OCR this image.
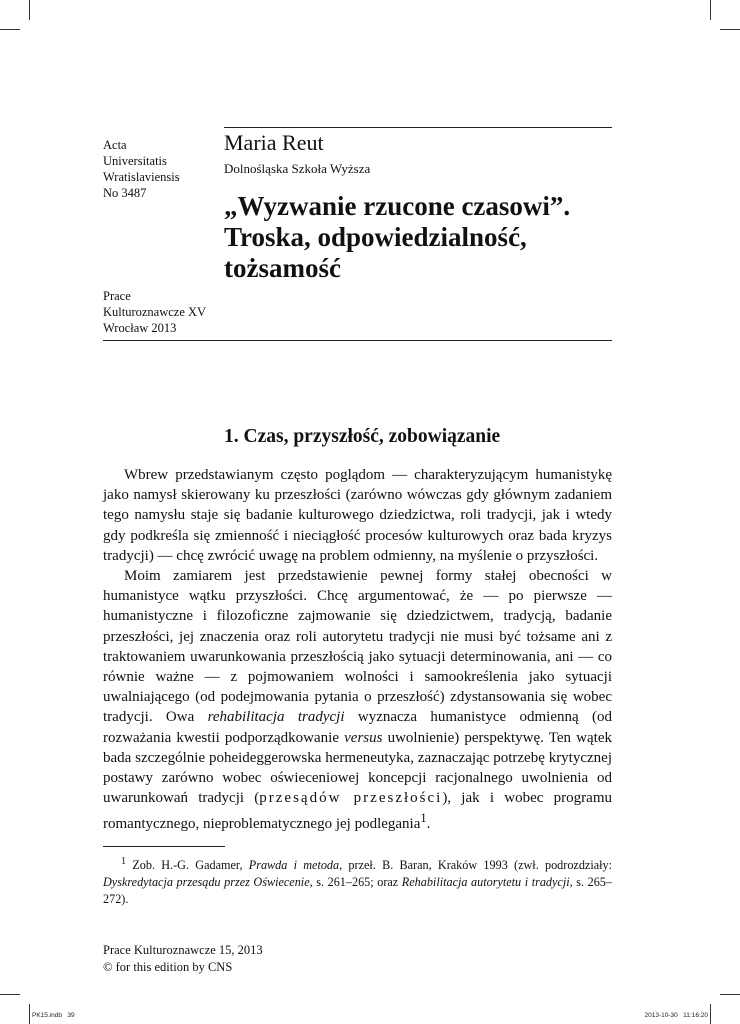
Acta
Universitatis
Wratislaviensis
No 3487
Prace
Kulturoznawcze XV
Wrocław 2013
Maria Reut
Dolnośląska Szkoła Wyższa
„Wyzwanie rzucone czasowi”.
Troska, odpowiedzialność,
tożsamość
1. Czas, przyszłość, zobowiązanie

Wbrew przedstawianym często poglądom — charakteryzującym humanistykę jako namysł skierowany ku przeszłości (zarówno wówczas gdy głównym zadaniem tego namysłu staje się badanie kulturowego dziedzictwa, roli tradycji, jak i wtedy gdy podkreśla się zmienność i nieciągłość procesów kulturowych oraz bada kryzys tradycji) — chcę zwrócić uwagę na problem odmienny, na myślenie o przyszłości.

Moim zamiarem jest przedstawienie pewnej formy stałej obecności w humanistyce wątku przyszłości. Chcę argumentować, że — po pierwsze — humanistyczne i filozoficzne zajmowanie się dziedzictwem, tradycją, badanie przeszłości, jej znaczenia oraz roli autorytetu tradycji nie musi być tożsame ani z traktowaniem uwarunkowania przeszłością jako sytuacji determinowania, ani — co równie ważne — z pojmowaniem wolności i samookreślenia jako sytuacji uwalniającego (od podejmowania pytania o przeszłość) zdystansowania się wobec tradycji. Owa rehabilitacja tradycji wyznacza humanistyce odmienną (od rozważania kwestii podporządkowanie versus uwolnienie) perspektywę. Ten wątek bada szczególnie poheideggerowska hermeneutyka, zaznaczając potrzebę krytycznej postawy zarówno wobec oświeceniowej koncepcji racjonalnego uwolnienia od uwarunkowań tradycji (przesądów przeszłości), jak i wobec programu romantycznego, nieproblematycznego jej podlegania$^1$.

$^1$ Zob. H.-G. Gadamer, Prawda i metoda, przeł. B. Baran, Kraków 1993 (zwł. podrozdziały: Dyskredytacja przesądu przez Oświecenie, s. 261–265; oraz Rehabilitacja autorytetu i tradycji, s. 265–272).
Prace Kulturoznawcze 15, 2013
© for this edition by CNS
PK15.indb   39	2013-10-30   11:16:20
